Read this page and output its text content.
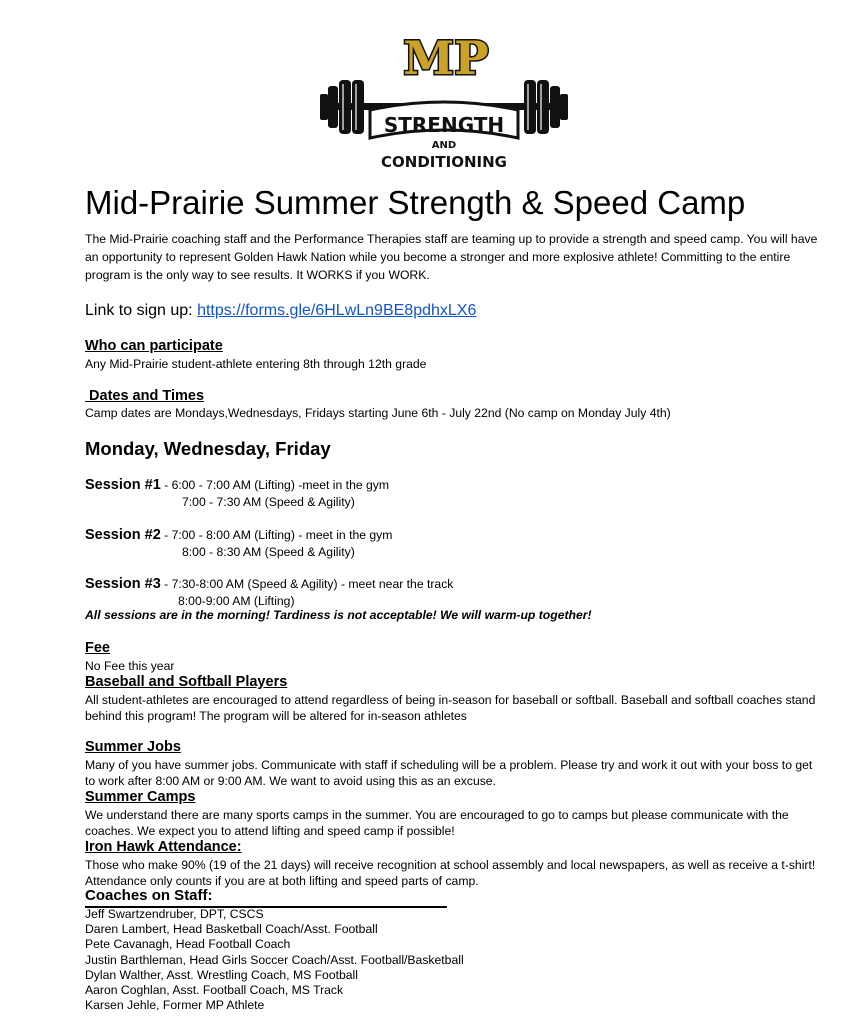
MP
STRENGTH
AND
CONDITIONING
Mid-Prairie Summer Strength & Speed Camp

The Mid-Prairie coaching staff and the Performance Therapies staff are teaming up to provide a strength and speed camp. You will have an opportunity to represent Golden Hawk Nation while you become a stronger and more explosive athlete! Committing to the entire program is the only way to see results. It WORKS if you WORK.

Link to sign up: https://forms.gle/6HLwLn9BE8pdhxLX6
Who can participate

Any Mid-Prairie student-athlete entering 8th through 12th grade

Dates and Times

Camp dates are Mondays,Wednesdays, Fridays starting June 6th - July 22nd (No camp on Monday July 4th)

Monday, Wednesday, Friday
Session #1 - 6:00 - 7:00 AM (Lifting) -meet in the gym
7:00 - 7:30 AM (Speed & Agility)
Session #2 - 7:00 - 8:00 AM (Lifting) - meet in the gym
8:00 - 8:30 AM (Speed & Agility)
Session #3 - 7:30-8:00 AM (Speed & Agility) - meet near the track
8:00-9:00 AM (Lifting)

All sessions are in the morning! Tardiness is not acceptable! We will warm-up together!

Fee

No Fee this year

Baseball and Softball Players

All student-athletes are encouraged to attend regardless of being in-season for baseball or softball. Baseball and softball coaches stand behind this program! The program will be altered for in-season athletes

Summer Jobs

Many of you have summer jobs. Communicate with staff if scheduling will be a problem. Please try and work it out with your boss to get to work after 8:00 AM or 9:00 AM. We want to avoid using this as an excuse.

Summer Camps

We understand there are many sports camps in the summer. You are encouraged to go to camps but please communicate with the coaches. We expect you to attend lifting and speed camp if possible!

Iron Hawk Attendance:

Those who make 90% (19 of the 21 days) will receive recognition at school assembly and local newspapers, as well as receive a t-shirt! Attendance only counts if you are at both lifting and speed parts of camp.

Coaches on Staff:
Jeff Swartzendruber, DPT, CSCS
Daren Lambert, Head Basketball Coach/Asst. Football
Pete Cavanagh, Head Football Coach
Justin Barthleman, Head Girls Soccer Coach/Asst. Football/Basketball
Dylan Walther, Asst. Wrestling Coach, MS Football
Aaron Coghlan, Asst. Football Coach, MS Track
Karsen Jehle, Former MP Athlete
